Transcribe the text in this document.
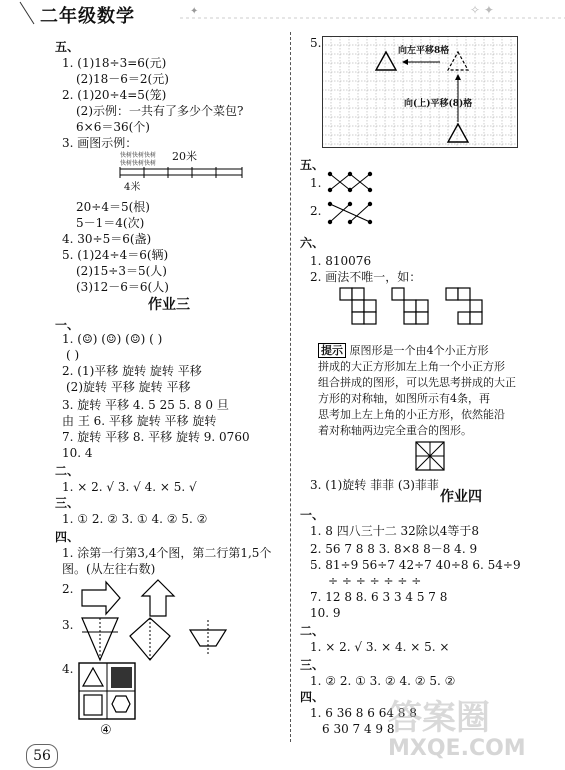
✦	✧ ✦
二年级数学
五、
1. (1)18÷3=6(元)
(2)18－6＝2(元)
2. (1)20÷4=5(笼)
(2)示例：一共有了多少个菜包?
6×6＝36(个)
3. 画图示例：
快树快树快树
快树快树快树
20米
4米
20÷4＝5(根)
5－1＝4(次)
4. 30÷5＝6(盏)
5. (1)24÷4＝6(辆)
(2)15÷3＝5(人)
(3)12－6＝6(人)
作业三
一、
1. (☺) (☺) (☺) ( )
( )
2. (1)平移 旋转 旋转 平移
(2)旋转 平移 旋转 平移
3. 旋转 平移 4. 5 25 5. 8 0 旦
由 王 6. 平移 旋转 平移 旋转
7. 旋转 平移 8. 平移 旋转 9. 0760
10. 4
二、
1. × 2. √ 3. √ 4. × 5. √
三、
1. ① 2. ② 3. ① 4. ② 5. ②
四、
1. 涂第一行第3,4个图，第二行第1,5个
图。(从左往右数)
2.
3.
4.
④
56
5.
向左平移8格
向(上)平移(8)格
五、
1.
2.
六、
1. 810076
2. 画法不唯一，如：
提示 原图形是一个由4个小正方形
拼成的大正方形加左上角一个小正方形
组合拼成的图形，可以先思考拼成的大正
方形的对称轴，如图所示有4条，再
思考加上左上角的小正方形，依然能沿
着对称轴两边完全重合的图形。
3. (1)旋转 菲菲 (3)菲菲
作业四
一、
1. 8 四八三十二 32除以4等于8
2. 56 7 8 8 3. 8×8 8－8 4. 9
5. 81÷9 56÷7 42÷7 40÷8 6. 54÷9
÷ ÷ ÷ ÷ ÷ ÷ ÷
7. 12 8 8. 6 3 3 4 5 7 8
10. 9
二、
1. × 2. √ 3. × 4. × 5. ×
三、
1. ② 2. ① 3. ② 4. ② 5. ②
四、
1. 6 36 8 6 64 8 8
6 30 7 4 9 8
答案圈
MXQE.COM
